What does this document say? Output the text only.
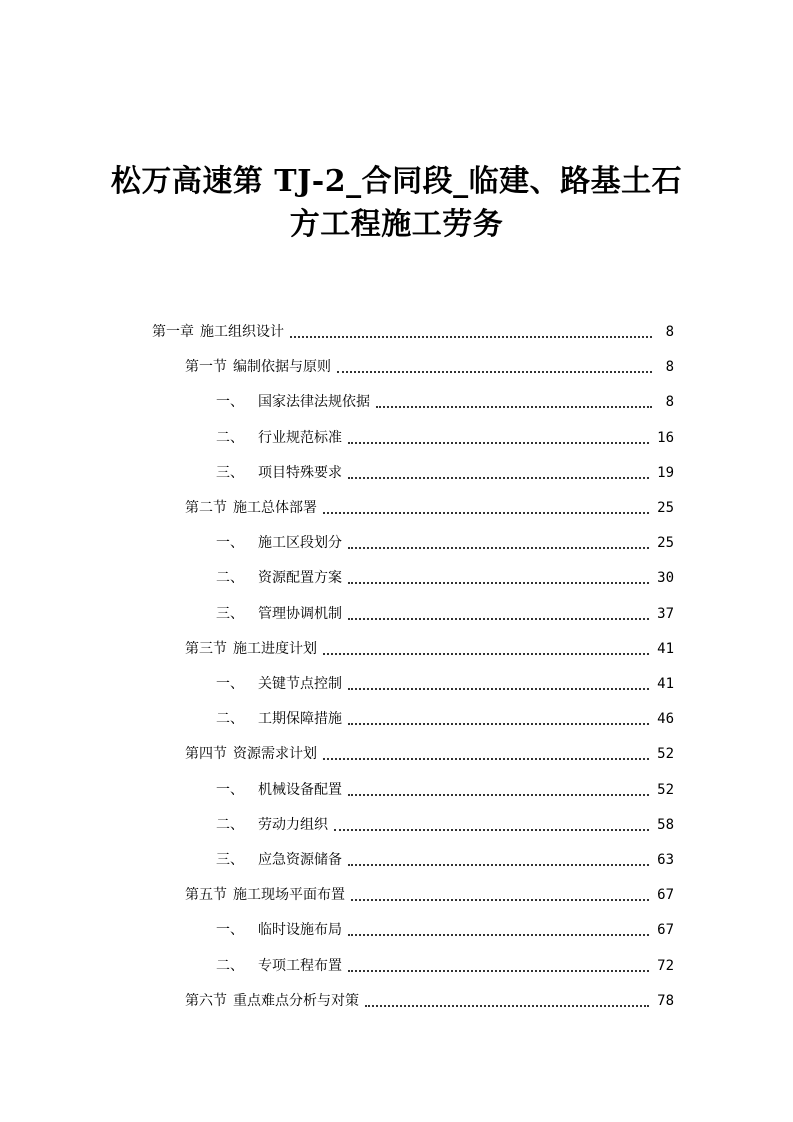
松万高速第 TJ-2_合同段_临建、路基土石
方工程施工劳务
第一章 施工组织设计	8
第一节 编制依据与原则	8
一、	国家法律法规依据	8
二、	行业规范标准	16
三、	项目特殊要求	19
第二节 施工总体部署	25
一、	施工区段划分	25
二、	资源配置方案	30
三、	管理协调机制	37
第三节 施工进度计划	41
一、	关键节点控制	41
二、	工期保障措施	46
第四节 资源需求计划	52
一、	机械设备配置	52
二、	劳动力组织	58
三、	应急资源储备	63
第五节 施工现场平面布置	67
一、	临时设施布局	67
二、	专项工程布置	72
第六节 重点难点分析与对策	78
